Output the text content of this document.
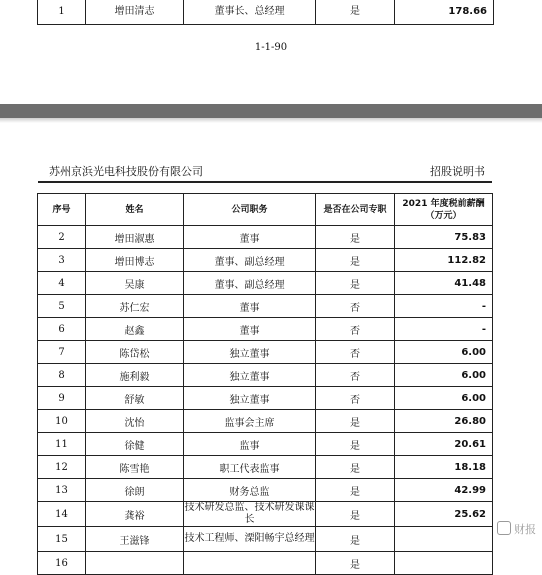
1	增田清志	董事长、总经理	是	178.66
1-1-90
苏州京浜光电科技股份有限公司	招股说明书
序号	姓名	公司职务	是否在公司专职	2021 年度税前薪酬（万元）
2	增田淑惠	董事	是	75.83
3	增田博志	董事、副总经理	是	112.82
4	吴康	董事、副总经理	是	41.48
5	苏仁宏	董事	否	-
6	赵鑫	董事	否	-
7	陈岱松	独立董事	否	6.00
8	施利毅	独立董事	否	6.00
9	舒敏	独立董事	否	6.00
10	沈怡	监事会主席	是	26.80
11	徐健	监事	是	20.61
12	陈雪艳	职工代表监事	是	18.18
13	徐朗	财务总监	是	42.99
14	龚裕	技术研发总监、技术研发课课长	是	25.62
15	王滋锋	技术工程师、溧阳畅宇总经理	是	
16			是	
财报
